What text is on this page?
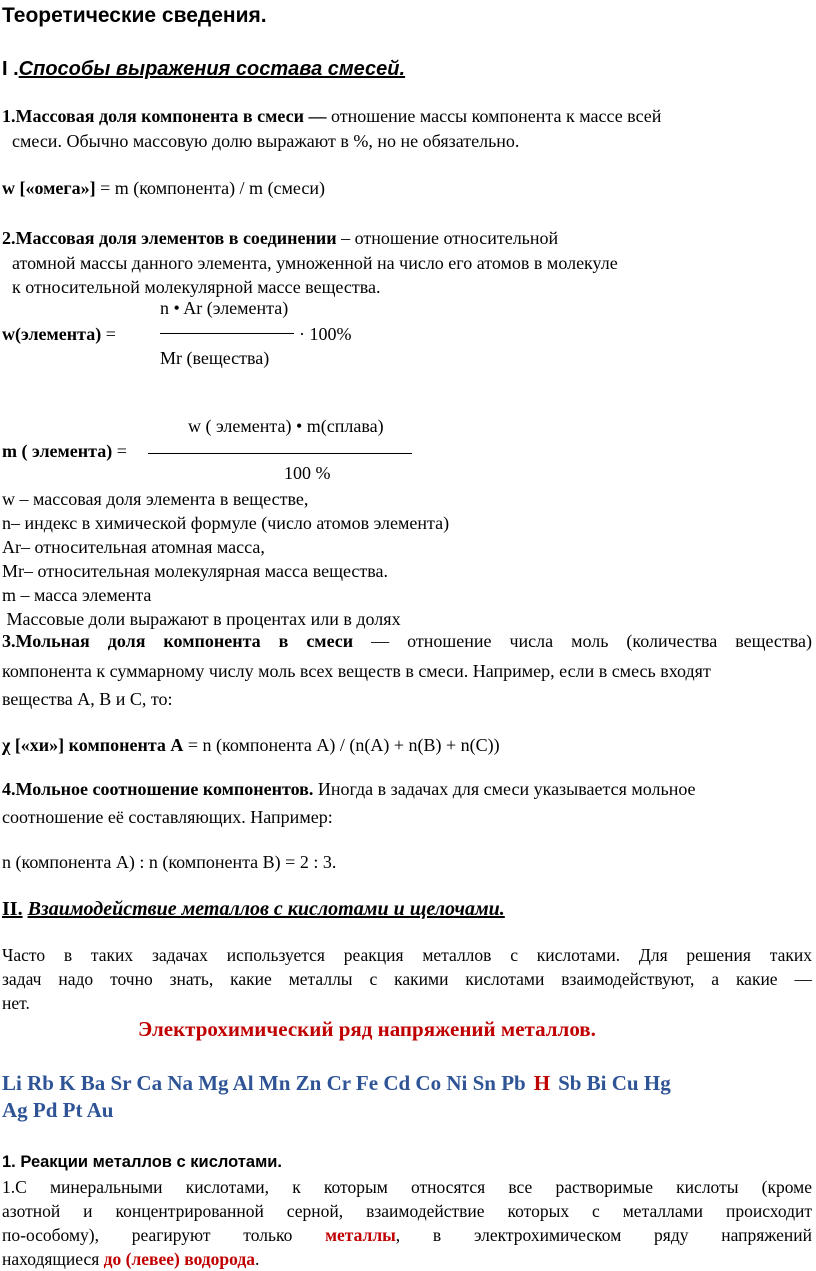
Теоретические сведения.
I .Способы выражения состава смесей.
1.Массовая доля компонента в смеси — отношение массы компонента к массе всей
смеси. Обычно массовую долю выражают в %, но не обязательно.
w [«омега»] = m (компонента) / m (смеси)
2.Массовая доля элементов в соединении – отношение относительной
атомной массы данного элемента, умноженной на число его атомов в молекуле
к относительной молекулярной массе вещества.
n • Ar (элемента)
w(элемента) =	· 100%
Mr (вещества)
w ( элемента) • m(сплава)
m ( элемента) =
100 %
w – массовая доля элемента в веществе,
n– индекс в химической формуле (число атомов элемента)
Ar– относительная атомная масса,
Mr– относительная молекулярная масса вещества.
m – масса элемента
Массовые доли выражают в процентах или в долях
3.Мольная доля компонента в смеси — отношение числа моль (количества вещества)
компонента к суммарному числу моль всех веществ в смеси. Например, если в смесь входят
вещества A, B и C, то:
χ [«хи»] компонента А = n (компонента A) / (n(A) + n(B) + n(C))
4.Мольное соотношение компонентов. Иногда в задачах для смеси указывается мольное
соотношение её составляющих. Например:
n (компонента A) : n (компонента B) = 2 : 3.
II. Взаимодействие металлов с кислотами и щелочами.
Часто в таких задачах используется реакция металлов с кислотами. Для решения таких
задач надо точно знать, какие металлы с какими кислотами взаимодействуют, а какие —
нет.
Электрохимический ряд напряжений металлов.
Li Rb K Ba Sr Ca Na Mg Al Mn Zn Cr Fe Cd Co Ni Sn Pb H Sb Bi Cu Hg
Ag Pd Pt Au
1. Реакции металлов с кислотами.
1.С минеральными кислотами, к которым относятся все растворимые кислоты (кроме
азотной и концентрированной серной, взаимодействие которых с металлами происходит
по-особому), реагируют только металлы, в электрохимическом ряду напряжений
находящиеся до (левее) водорода.
